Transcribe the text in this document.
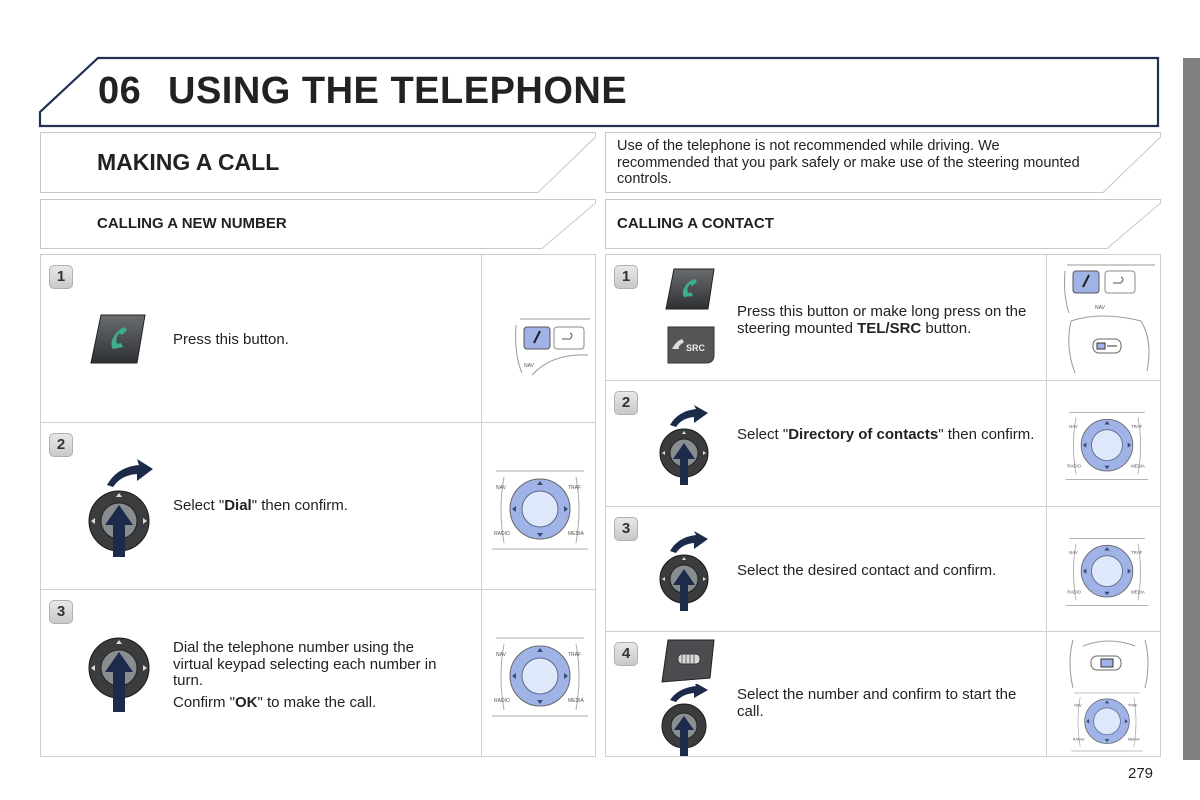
06 USING THE TELEPHONE
MAKING A CALL
Use of the telephone is not recommended while driving. We recommended that you park safely or make use of the steering mounted controls.
CALLING A NEW NUMBER	CALLING A CONTACT
1
Press this button.
NAV
2
Select "Dial" then confirm.
NAV	TRAF
RADIO	MEDIA
3
Dial the telephone number using the virtual keypad selecting each number in turn.
Confirm "OK" to make the call.
NAV	TRAF
RADIO	MEDIA
1
SRC
Press this button or make long press on the steering mounted TEL/SRC button.
NAV
2
Select "Directory of contacts" then confirm.	NAV	TRAF
RADIO	MEDIA
3
Select the desired contact and confirm.
NAV	TRAF
RADIO	MEDIA
4
Select the number and confirm to start the call.	NAV	TRAF
RADIO	MEDIA
279
